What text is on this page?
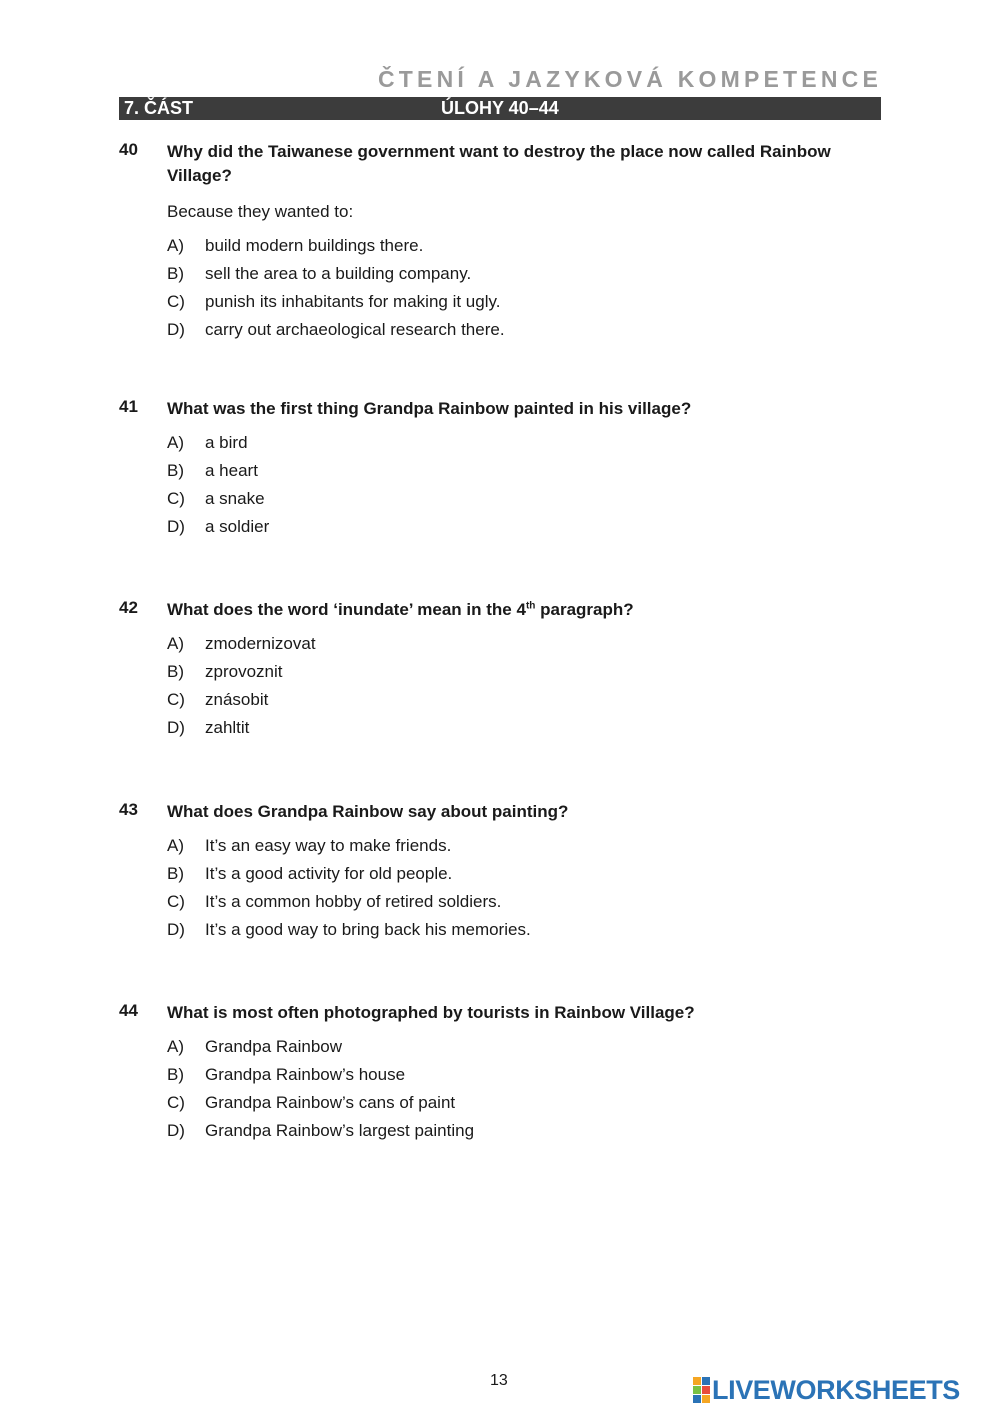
ČTENÍ A JAZYKOVÁ KOMPETENCE
7. ČÁST	ÚLOHY 40–44
40 Why did the Taiwanese government want to destroy the place now called Rainbow Village?
Because they wanted to:
A) build modern buildings there.
B) sell the area to a building company.
C) punish its inhabitants for making it ugly.
D) carry out archaeological research there.
41 What was the first thing Grandpa Rainbow painted in his village?
A) a bird
B) a heart
C) a snake
D) a soldier
42 What does the word ‘inundate’ mean in the 4th paragraph?
A) zmodernizovat
B) zprovoznit
C) znásobit
D) zahltit
43 What does Grandpa Rainbow say about painting?
A) It’s an easy way to make friends.
B) It’s a good activity for old people.
C) It’s a common hobby of retired soldiers.
D) It’s a good way to bring back his memories.
44 What is most often photographed by tourists in Rainbow Village?
A) Grandpa Rainbow
B) Grandpa Rainbow’s house
C) Grandpa Rainbow’s cans of paint
D) Grandpa Rainbow’s largest painting
13	LIVEWORKSHEETS
